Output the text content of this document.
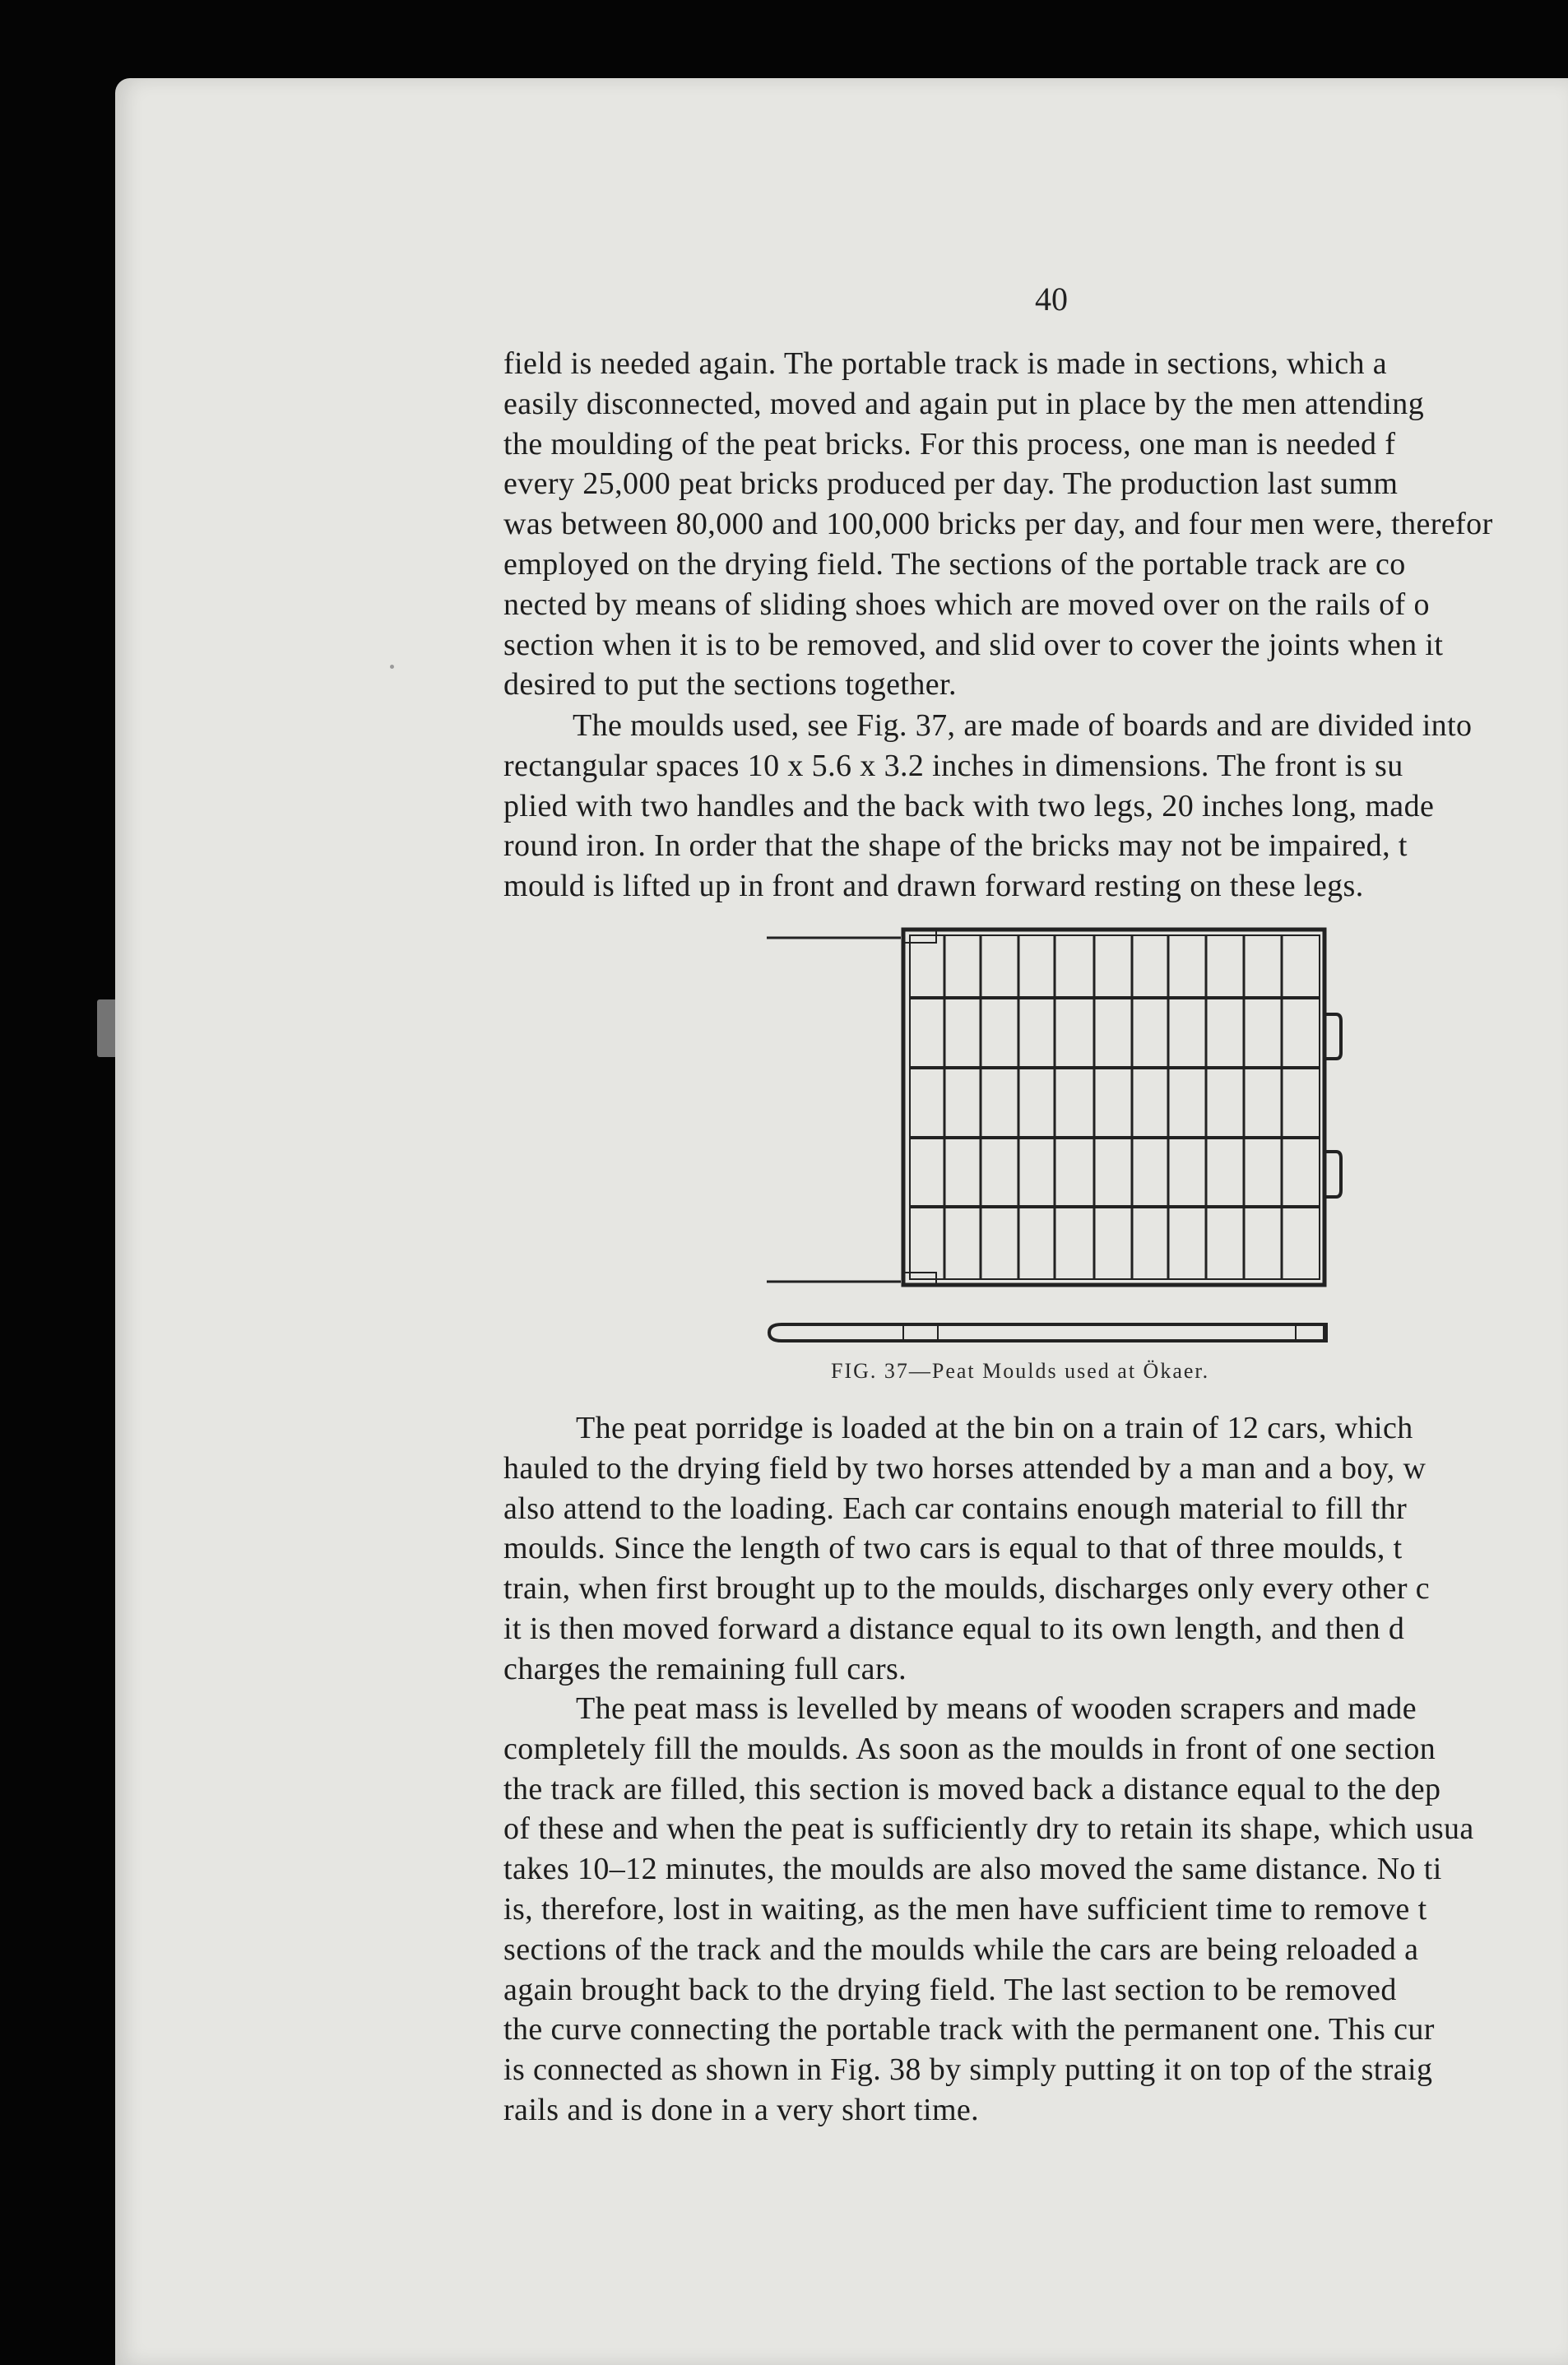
40
field is needed again. The portable track is made in sections, which a
easily disconnected, moved and again put in place by the men attending
the moulding of the peat bricks. For this process, one man is needed f
every 25,000 peat bricks produced per day. The production last summ
was between 80,000 and 100,000 bricks per day, and four men were, therefor
employed on the drying field. The sections of the portable track are co
nected by means of sliding shoes which are moved over on the rails of o
section when it is to be removed, and slid over to cover the joints when it
desired to put the sections together.
The moulds used, see Fig. 37, are made of boards and are divided into
rectangular spaces 10 x 5.6 x 3.2 inches in dimensions. The front is su
plied with two handles and the back with two legs, 20 inches long, made
round iron. In order that the shape of the bricks may not be impaired, t
mould is lifted up in front and drawn forward resting on these legs.
FIG. 37—Peat Moulds used at Ökaer.
The peat porridge is loaded at the bin on a train of 12 cars, which
hauled to the drying field by two horses attended by a man and a boy, w
also attend to the loading. Each car contains enough material to fill thr
moulds. Since the length of two cars is equal to that of three moulds, t
train, when first brought up to the moulds, discharges only every other c
it is then moved forward a distance equal to its own length, and then d
charges the remaining full cars.
The peat mass is levelled by means of wooden scrapers and made
completely fill the moulds. As soon as the moulds in front of one section
the track are filled, this section is moved back a distance equal to the dep
of these and when the peat is sufficiently dry to retain its shape, which usua
takes 10–12 minutes, the moulds are also moved the same distance. No ti
is, therefore, lost in waiting, as the men have sufficient time to remove t
sections of the track and the moulds while the cars are being reloaded a
again brought back to the drying field. The last section to be removed
the curve connecting the portable track with the permanent one. This cur
is connected as shown in Fig. 38 by simply putting it on top of the straig
rails and is done in a very short time.
